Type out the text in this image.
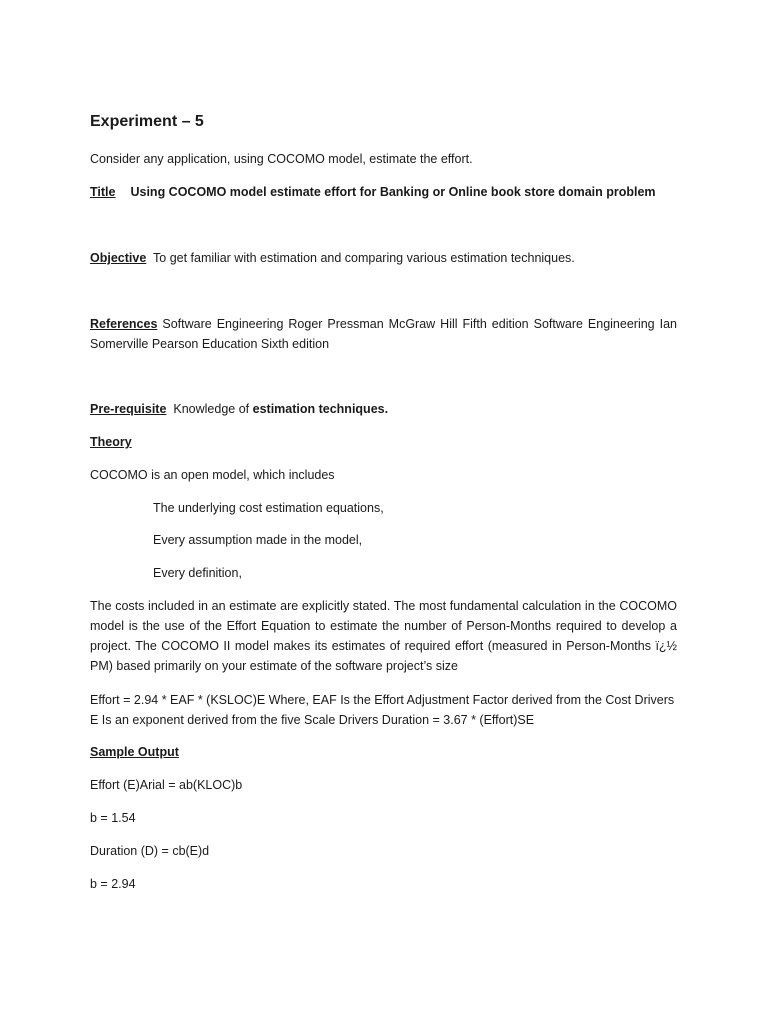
Experiment – 5

Consider any application, using COCOMO model, estimate the effort.

Title Using COCOMO model estimate effort for Banking or Online book store domain problem

Objective To get familiar with estimation and comparing various estimation techniques.

References Software Engineering Roger Pressman McGraw Hill Fifth edition Software Engineering Ian Somerville Pearson Education Sixth edition

Pre-requisite Knowledge of estimation techniques.

Theory

COCOMO is an open model, which includes

The underlying cost estimation equations,

Every assumption made in the model,

Every definition,

The costs included in an estimate are explicitly stated. The most fundamental calculation in the COCOMO model is the use of the Effort Equation to estimate the number of Person-Months required to develop a project. The COCOMO II model makes its estimates of required effort (measured in Person-Months ï¿½ PM) based primarily on your estimate of the software project’s size

Effort = 2.94 * EAF * (KSLOC)E Where, EAF Is the Effort Adjustment Factor derived from the Cost Drivers E Is an exponent derived from the five Scale Drivers Duration = 3.67 * (Effort)SE

Sample Output

Effort (E)Arial = ab(KLOC)b

b = 1.54

Duration (D) = cb(E)d

b = 2.94
